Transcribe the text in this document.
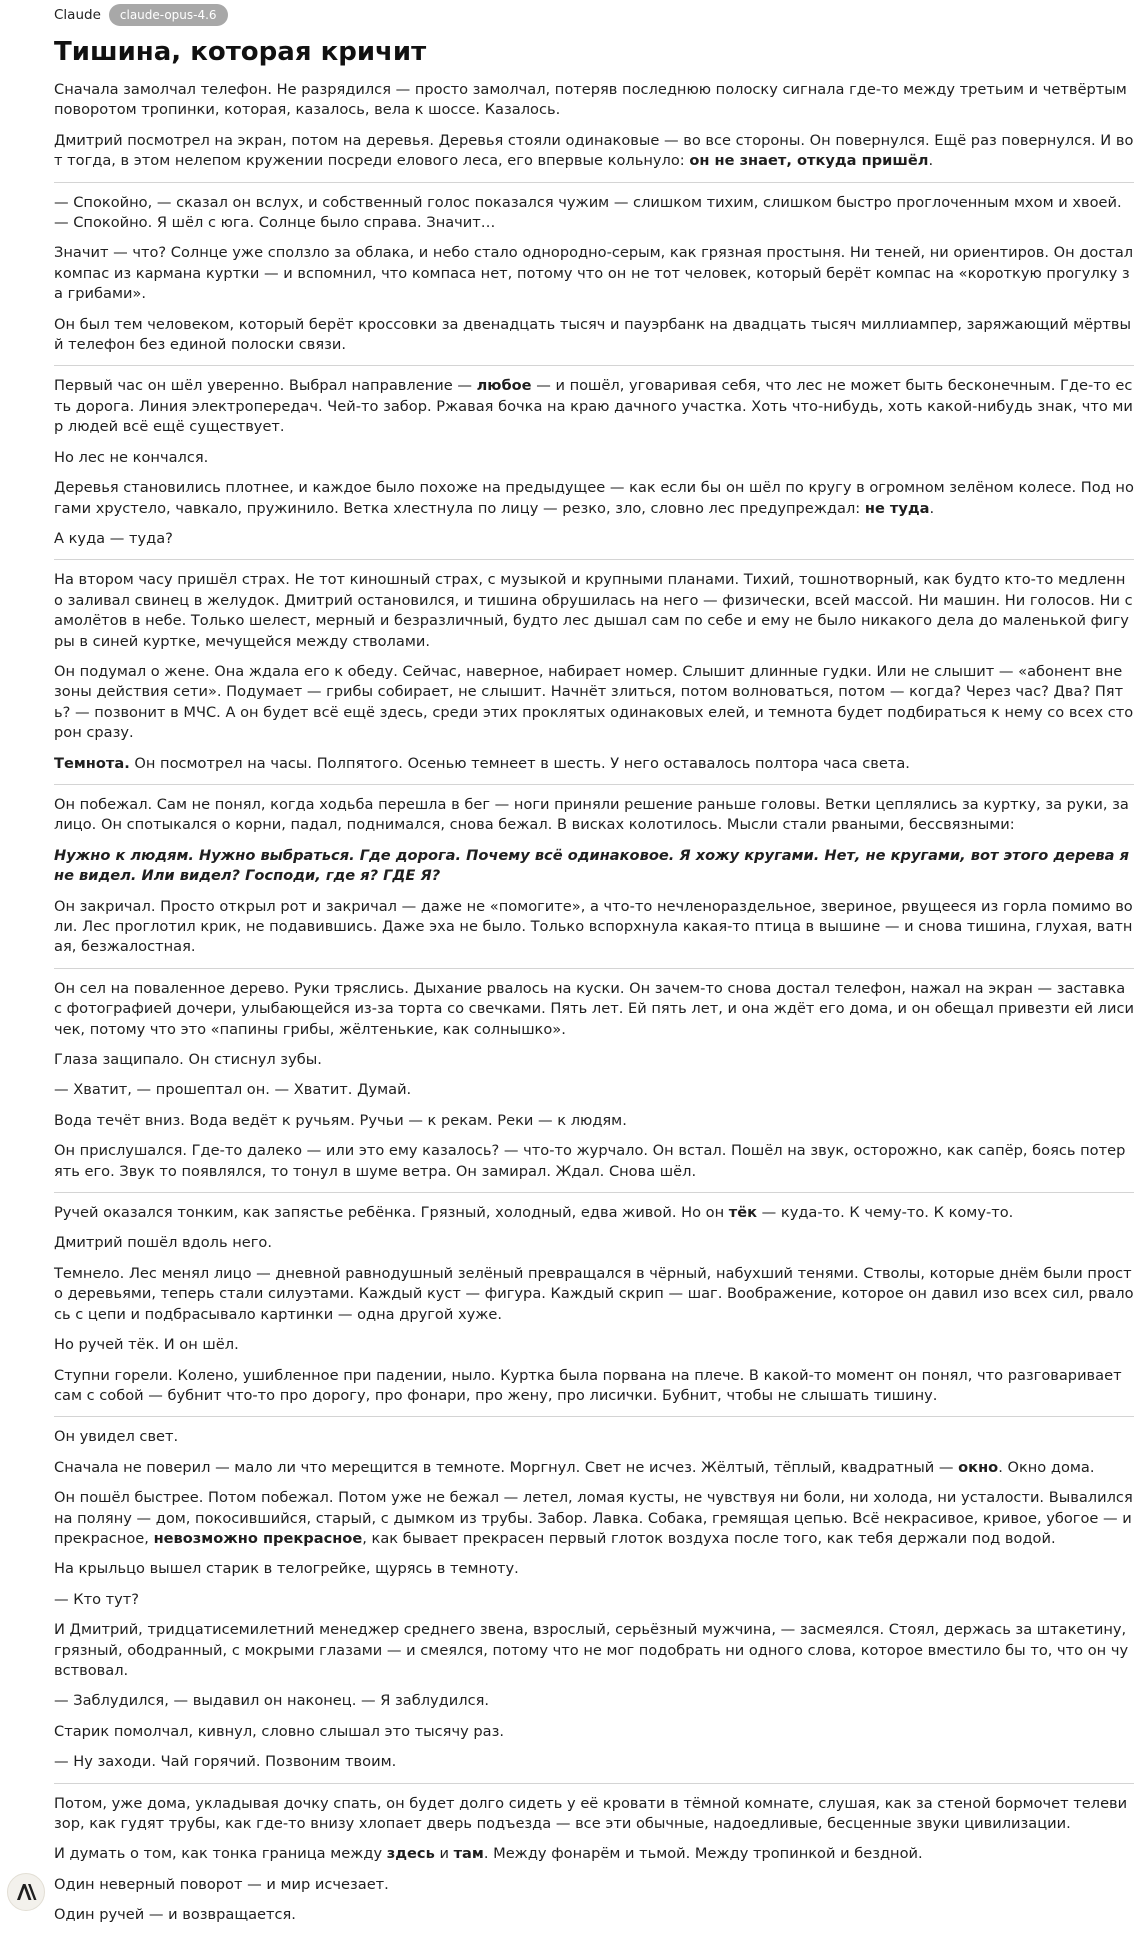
Claude	claude-opus-4.6
Тишина, которая кричит

Сначала замолчал телефон. Не разрядился — просто замолчал, потеряв последнюю полоску сигнала где-то между третьим и четвёртым поворотом тропинки, которая, казалось, вела к шоссе. Казалось.

Дмитрий посмотрел на экран, потом на деревья. Деревья стояли одинаковые — во все стороны. Он повернулся. Ещё раз повернулся. И вот тогда, в этом нелепом кружении посреди елового леса, его впервые кольнуло: он не знает, откуда пришёл.

— Спокойно, — сказал он вслух, и собственный голос показался чужим — слишком тихим, слишком быстро проглоченным мхом и хвоей. — Спокойно. Я шёл с юга. Солнце было справа. Значит…

Значит — что? Солнце уже сползло за облака, и небо стало однородно-серым, как грязная простыня. Ни теней, ни ориентиров. Он достал компас из кармана куртки — и вспомнил, что компаса нет, потому что он не тот человек, который берёт компас на «короткую прогулку за грибами».

Он был тем человеком, который берёт кроссовки за двенадцать тысяч и пауэрбанк на двадцать тысяч миллиампер, заряжающий мёртвый телефон без единой полоски связи.

Первый час он шёл уверенно. Выбрал направление — любое — и пошёл, уговаривая себя, что лес не может быть бесконечным. Где-то есть дорога. Линия электропередач. Чей-то забор. Ржавая бочка на краю дачного участка. Хоть что-нибудь, хоть какой-нибудь знак, что мир людей всё ещё существует.

Но лес не кончался.

Деревья становились плотнее, и каждое было похоже на предыдущее — как если бы он шёл по кругу в огромном зелёном колесе. Под ногами хрустело, чавкало, пружинило. Ветка хлестнула по лицу — резко, зло, словно лес предупреждал: не туда.

А куда — туда?

На втором часу пришёл страх. Не тот киношный страх, с музыкой и крупными планами. Тихий, тошнотворный, как будто кто-то медленно заливал свинец в желудок. Дмитрий остановился, и тишина обрушилась на него — физически, всей массой. Ни машин. Ни голосов. Ни самолётов в небе. Только шелест, мерный и безразличный, будто лес дышал сам по себе и ему не было никакого дела до маленькой фигуры в синей куртке, мечущейся между стволами.

Он подумал о жене. Она ждала его к обеду. Сейчас, наверное, набирает номер. Слышит длинные гудки. Или не слышит — «абонент вне зоны действия сети». Подумает — грибы собирает, не слышит. Начнёт злиться, потом волноваться, потом — когда? Через час? Два? Пять? — позвонит в МЧС. А он будет всё ещё здесь, среди этих проклятых одинаковых елей, и темнота будет подбираться к нему со всех сторон сразу.

Темнота. Он посмотрел на часы. Полпятого. Осенью темнеет в шесть. У него оставалось полтора часа света.

Он побежал. Сам не понял, когда ходьба перешла в бег — ноги приняли решение раньше головы. Ветки цеплялись за куртку, за руки, за лицо. Он спотыкался о корни, падал, поднимался, снова бежал. В висках колотилось. Мысли стали рваными, бессвязными:

Нужно к людям. Нужно выбраться. Где дорога. Почему всё одинаковое. Я хожу кругами. Нет, не кругами, вот этого дерева я не видел. Или видел? Господи, где я? ГДЕ Я?

Он закричал. Просто открыл рот и закричал — даже не «помогите», а что-то нечленораздельное, звериное, рвущееся из горла помимо воли. Лес проглотил крик, не подавившись. Даже эха не было. Только вспорхнула какая-то птица в вышине — и снова тишина, глухая, ватная, безжалостная.

Он сел на поваленное дерево. Руки тряслись. Дыхание рвалось на куски. Он зачем-то снова достал телефон, нажал на экран — заставка с фотографией дочери, улыбающейся из-за торта со свечками. Пять лет. Ей пять лет, и она ждёт его дома, и он обещал привезти ей лисичек, потому что это «папины грибы, жёлтенькие, как солнышко».

Глаза защипало. Он стиснул зубы.

— Хватит, — прошептал он. — Хватит. Думай.

Вода течёт вниз. Вода ведёт к ручьям. Ручьи — к рекам. Реки — к людям.

Он прислушался. Где-то далеко — или это ему казалось? — что-то журчало. Он встал. Пошёл на звук, осторожно, как сапёр, боясь потерять его. Звук то появлялся, то тонул в шуме ветра. Он замирал. Ждал. Снова шёл.

Ручей оказался тонким, как запястье ребёнка. Грязный, холодный, едва живой. Но он тёк — куда-то. К чему-то. К кому-то.

Дмитрий пошёл вдоль него.

Темнело. Лес менял лицо — дневной равнодушный зелёный превращался в чёрный, набухший тенями. Стволы, которые днём были просто деревьями, теперь стали силуэтами. Каждый куст — фигура. Каждый скрип — шаг. Воображение, которое он давил изо всех сил, рвалось с цепи и подбрасывало картинки — одна другой хуже.

Но ручей тёк. И он шёл.

Ступни горели. Колено, ушибленное при падении, ныло. Куртка была порвана на плече. В какой-то момент он понял, что разговаривает сам с собой — бубнит что-то про дорогу, про фонари, про жену, про лисички. Бубнит, чтобы не слышать тишину.

Он увидел свет.

Сначала не поверил — мало ли что мерещится в темноте. Моргнул. Свет не исчез. Жёлтый, тёплый, квадратный — окно. Окно дома.

Он пошёл быстрее. Потом побежал. Потом уже не бежал — летел, ломая кусты, не чувствуя ни боли, ни холода, ни усталости. Вывалился на поляну — дом, покосившийся, старый, с дымком из трубы. Забор. Лавка. Собака, гремящая цепью. Всё некрасивое, кривое, убогое — и прекрасное, невозможно прекрасное, как бывает прекрасен первый глоток воздуха после того, как тебя держали под водой.

На крыльцо вышел старик в телогрейке, щурясь в темноту.

— Кто тут?

И Дмитрий, тридцатисемилетний менеджер среднего звена, взрослый, серьёзный мужчина, — засмеялся. Стоял, держась за штакетину, грязный, ободранный, с мокрыми глазами — и смеялся, потому что не мог подобрать ни одного слова, которое вместило бы то, что он чувствовал.

— Заблудился, — выдавил он наконец. — Я заблудился.

Старик помолчал, кивнул, словно слышал это тысячу раз.

— Ну заходи. Чай горячий. Позвоним твоим.

Потом, уже дома, укладывая дочку спать, он будет долго сидеть у её кровати в тёмной комнате, слушая, как за стеной бормочет телевизор, как гудят трубы, как где-то внизу хлопает дверь подъезда — все эти обычные, надоедливые, бесценные звуки цивилизации.

И думать о том, как тонка граница между здесь и там. Между фонарём и тьмой. Между тропинкой и бездной.

Один неверный поворот — и мир исчезает.

Один ручей — и возвращается.
